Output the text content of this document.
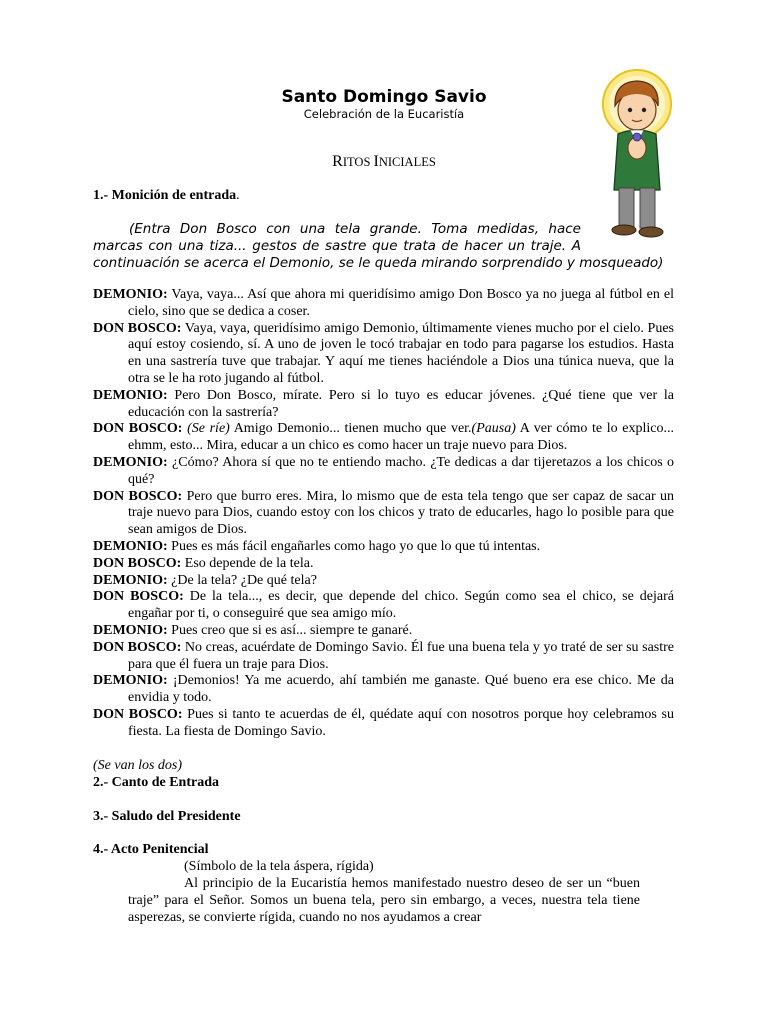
Santo Domingo Savio
Celebración de la Eucaristía
RITOS INICIALES
1.- Monición de entrada.
(Entra Don Bosco con una tela grande. Toma medidas, hace
marcas con una tiza... gestos de sastre que trata de hacer un traje. A
continuación se acerca el Demonio, se le queda mirando sorprendido y mosqueado)
DEMONIO: Vaya, vaya... Así que ahora mi queridísimo amigo Don Bosco ya no juega al fútbol en el cielo, sino que se dedica a coser.
DON BOSCO: Vaya, vaya, queridísimo amigo Demonio, últimamente vienes mucho por el cielo. Pues aquí estoy cosiendo, sí. A uno de joven le tocó trabajar en todo para pagarse los estudios. Hasta en una sastrería tuve que trabajar. Y aquí me tienes haciéndole a Dios una túnica nueva, que la otra se le ha roto jugando al fútbol.
DEMONIO: Pero Don Bosco, mírate. Pero si lo tuyo es educar jóvenes. ¿Qué tiene que ver la educación con la sastrería?
DON BOSCO: (Se ríe) Amigo Demonio... tienen mucho que ver.(Pausa) A ver cómo te lo explico... ehmm, esto... Mira, educar a un chico es como hacer un traje nuevo para Dios.
DEMONIO: ¿Cómo? Ahora sí que no te entiendo macho. ¿Te dedicas a dar tijeretazos a los chicos o qué?
DON BOSCO: Pero que burro eres. Mira, lo mismo que de esta tela tengo que ser capaz de sacar un traje nuevo para Dios, cuando estoy con los chicos y trato de educarles, hago lo posible para que sean amigos de Dios.
DEMONIO: Pues es más fácil engañarles como hago yo que lo que tú intentas.
DON BOSCO: Eso depende de la tela.
DEMONIO: ¿De la tela? ¿De qué tela?
DON BOSCO: De la tela..., es decir, que depende del chico. Según como sea el chico, se dejará engañar por ti, o conseguiré que sea amigo mío.
DEMONIO: Pues creo que si es así... siempre te ganaré.
DON BOSCO: No creas, acuérdate de Domingo Savio. Él fue una buena tela y yo traté de ser su sastre para que él fuera un traje para Dios.
DEMONIO: ¡Demonios! Ya me acuerdo, ahí también me ganaste. Qué bueno era ese chico. Me da envidia y todo.
DON BOSCO: Pues si tanto te acuerdas de él, quédate aquí con nosotros porque hoy celebramos su fiesta. La fiesta de Domingo Savio.
(Se van los dos)
2.- Canto de Entrada
3.- Saludo del Presidente
4.- Acto Penitencial
(Símbolo de la tela áspera, rígida)
Al principio de la Eucaristía hemos manifestado nuestro deseo de ser un “buen traje” para el Señor. Somos un buena tela, pero sin embargo, a veces, nuestra tela tiene asperezas, se convierte rígida, cuando no nos ayudamos a crear
